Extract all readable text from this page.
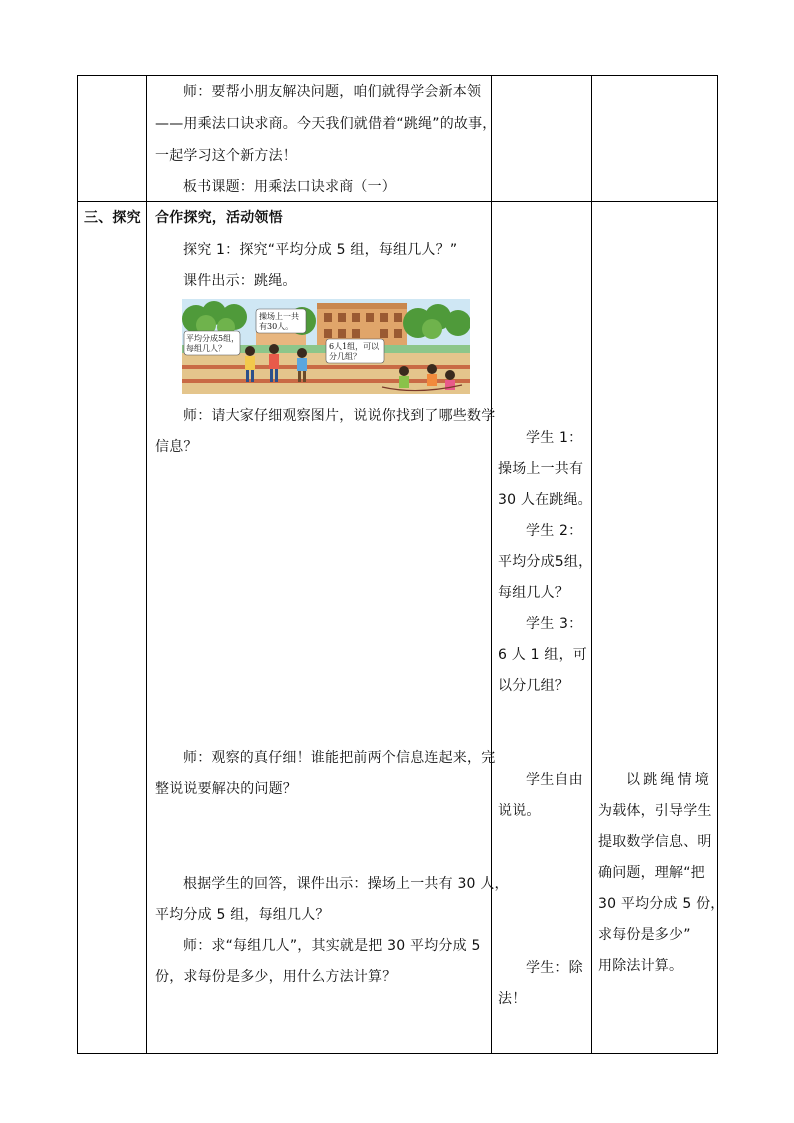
师：要帮小朋友解决问题，咱们就得学会新本领
——用乘法口诀求商。今天我们就借着“跳绳”的故事，
一起学习这个新方法！
板书课题：用乘法口诀求商（一）
三、探究 合作探究，活动领悟
探究 1：探究“平均分成 5 组，每组几人？”
课件出示：跳绳。
操场上一共
有30人。
平均分成5组，
每组几人？	6人1组，可以
分几组？
师：请大家仔细观察图片，说说你找到了哪些数学
信息？
师：观察的真仔细！谁能把前两个信息连起来，完
整说说要解决的问题？
根据学生的回答，课件出示：操场上一共有 30 人，
平均分成 5 组，每组几人？
师：求“每组几人”，其实就是把 30 平均分成 5
份，求每份是多少，用什么方法计算？
学生 1：
操场上一共有
30 人在跳绳。
学生 2：
平均分成5组，
每组几人？
学生 3：
6 人 1 组，可
以分几组？
学生自由
说说。
学生：除
法！
以跳绳情境
为载体，引导学生
提取数学信息、明
确问题，理解“把
30 平均分成 5 份，
求每份是多少”
用除法计算。
